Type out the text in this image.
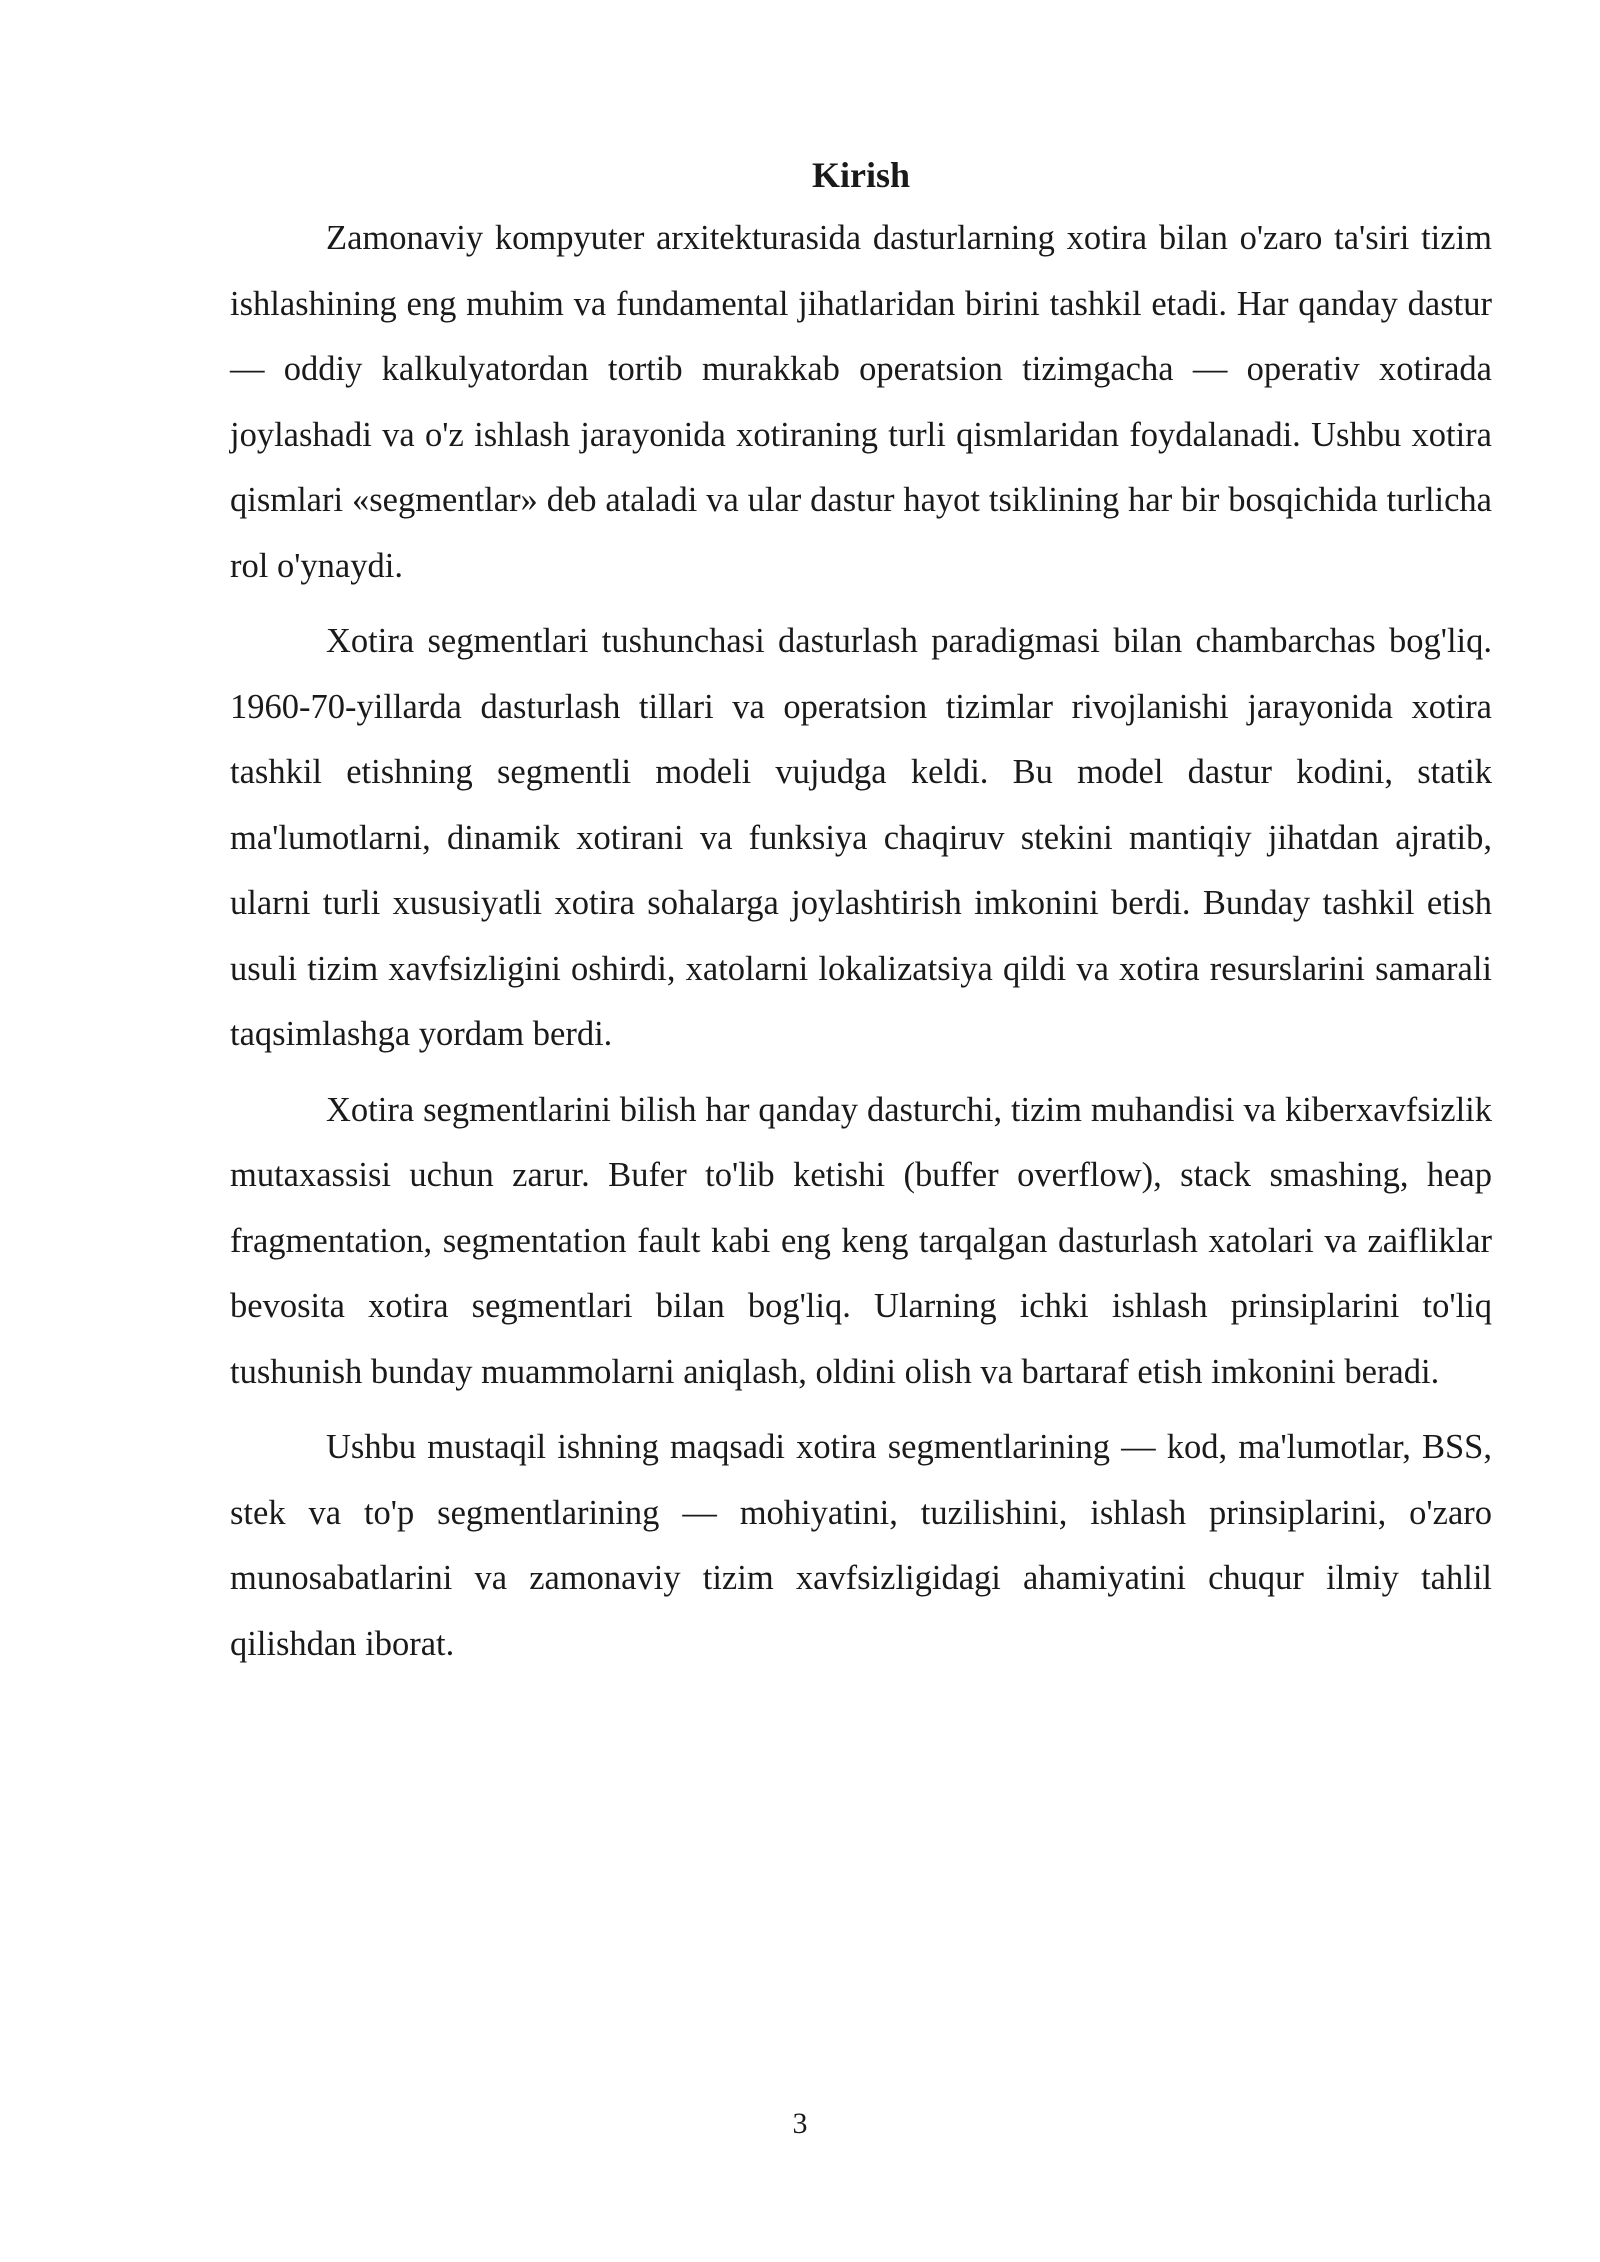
Kirish

Zamonaviy kompyuter arxitekturasida dasturlarning xotira bilan o'zaro ta'siri tizim ishlashining eng muhim va fundamental jihatlaridan birini tashkil etadi. Har qanday dastur — oddiy kalkulyatordan tortib murakkab operatsion tizimgacha — operativ xotirada joylashadi va o'z ishlash jarayonida xotiraning turli qismlaridan foydalanadi. Ushbu xotira qismlari «segmentlar» deb ataladi va ular dastur hayot tsiklining har bir bosqichida turlicha rol o'ynaydi.

Xotira segmentlari tushunchasi dasturlash paradigmasi bilan chambarchas bog'liq. 1960-70-yillarda dasturlash tillari va operatsion tizimlar rivojlanishi jarayonida xotira tashkil etishning segmentli modeli vujudga keldi. Bu model dastur kodini, statik ma'lumotlarni, dinamik xotirani va funksiya chaqiruv stekini mantiqiy jihatdan ajratib, ularni turli xususiyatli xotira sohalarga joylashtirish imkonini berdi. Bunday tashkil etish usuli tizim xavfsizligini oshirdi, xatolarni lokalizatsiya qildi va xotira resurslarini samarali taqsimlashga yordam berdi.

Xotira segmentlarini bilish har qanday dasturchi, tizim muhandisi va kiberxavfsizlik mutaxassisi uchun zarur. Bufer to'lib ketishi (buffer overflow), stack smashing, heap fragmentation, segmentation fault kabi eng keng tarqalgan dasturlash xatolari va zaifliklar bevosita xotira segmentlari bilan bog'liq. Ularning ichki ishlash prinsiplarini to'liq tushunish bunday muammolarni aniqlash, oldini olish va bartaraf etish imkonini beradi.

Ushbu mustaqil ishning maqsadi xotira segmentlarining — kod, ma'lumotlar, BSS, stek va to'p segmentlarining — mohiyatini, tuzilishini, ishlash prinsiplarini, o'zaro munosabatlarini va zamonaviy tizim xavfsizligidagi ahamiyatini chuqur ilmiy tahlil qilishdan iborat.

3
